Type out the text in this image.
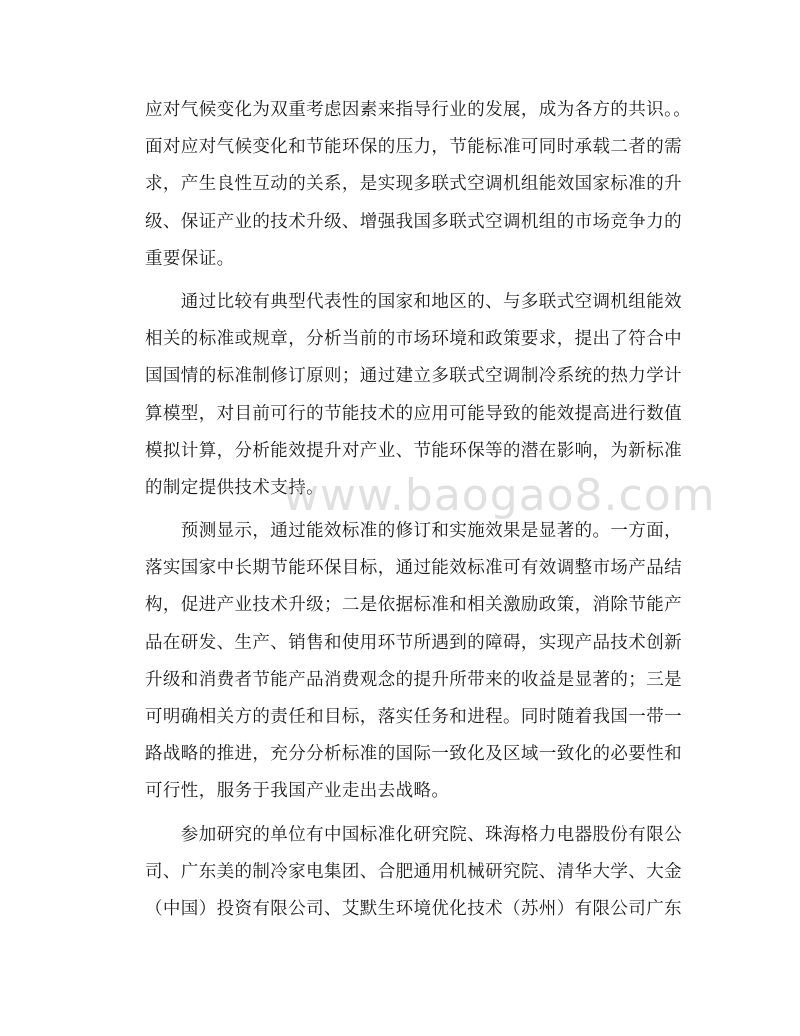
应对气候变化为双重考虑因素来指导行业的发展，成为各方的共识。。
面对应对气候变化和节能环保的压力，节能标准可同时承载二者的需
求，产生良性互动的关系，是实现多联式空调机组能效国家标准的升
级、保证产业的技术升级、增强我国多联式空调机组的市场竞争力的
重要保证。
　　通过比较有典型代表性的国家和地区的、与多联式空调机组能效
相关的标准或规章，分析当前的市场环境和政策要求，提出了符合中
国国情的标准制修订原则；通过建立多联式空调制冷系统的热力学计
算模型，对目前可行的节能技术的应用可能导致的能效提高进行数值
模拟计算，分析能效提升对产业、节能环保等的潜在影响，为新标准
的制定提供技术支持。
　　预测显示，通过能效标准的修订和实施效果是显著的。一方面，
落实国家中长期节能环保目标，通过能效标准可有效调整市场产品结
构，促进产业技术升级；二是依据标准和相关激励政策，消除节能产
品在研发、生产、销售和使用环节所遇到的障碍，实现产品技术创新
升级和消费者节能产品消费观念的提升所带来的收益是显著的；三是
可明确相关方的责任和目标，落实任务和进程。同时随着我国一带一
路战略的推进，充分分析标准的国际一致化及区域一致化的必要性和
可行性，服务于我国产业走出去战略。
　　参加研究的单位有中国标准化研究院、珠海格力电器股份有限公
司、广东美的制冷家电集团、合肥通用机械研究院、清华大学、大金
（中国）投资有限公司、艾默生环境优化技术（苏州）有限公司广东
www.baogao8.com
